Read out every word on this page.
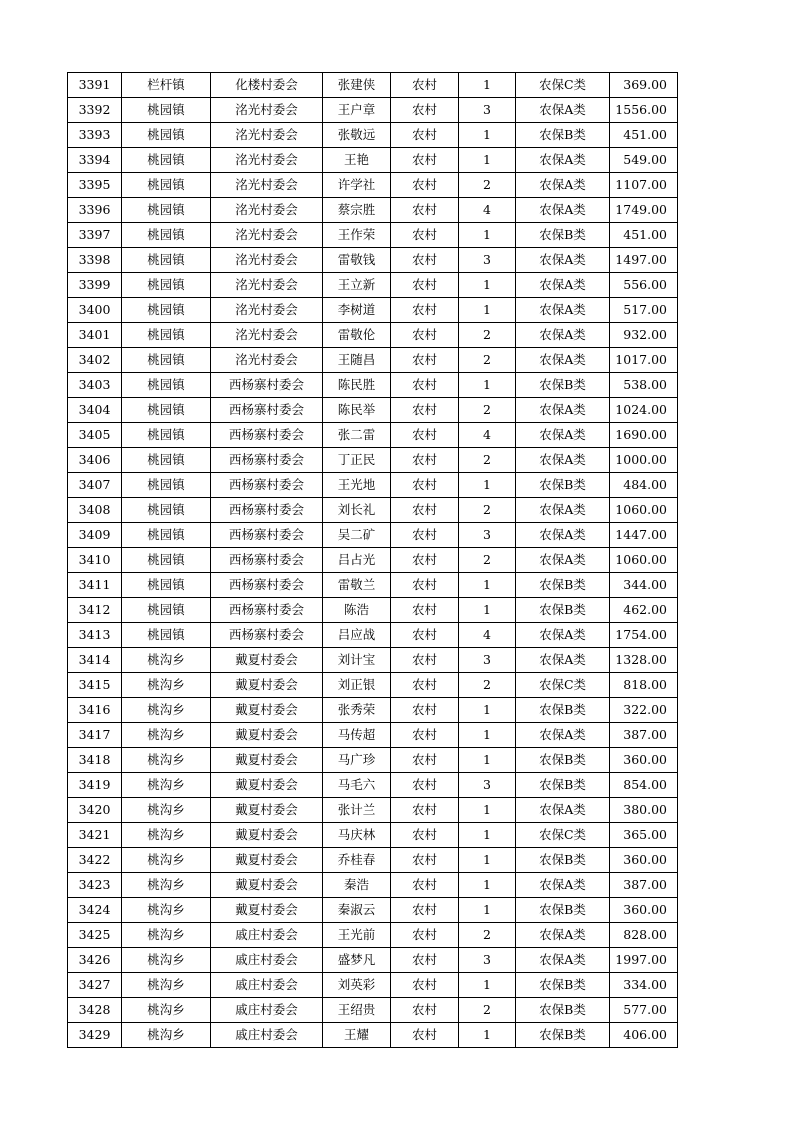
3391	栏杆镇	化楼村委会	张建侠	农村	1	农保C类	369.00
3392	桃园镇	洺光村委会	王户章	农村	3	农保A类	1556.00
3393	桃园镇	洺光村委会	张敬远	农村	1	农保B类	451.00
3394	桃园镇	洺光村委会	王艳	农村	1	农保A类	549.00
3395	桃园镇	洺光村委会	许学社	农村	2	农保A类	1107.00
3396	桃园镇	洺光村委会	蔡宗胜	农村	4	农保A类	1749.00
3397	桃园镇	洺光村委会	王作荣	农村	1	农保B类	451.00
3398	桃园镇	洺光村委会	雷敬钱	农村	3	农保A类	1497.00
3399	桃园镇	洺光村委会	王立新	农村	1	农保A类	556.00
3400	桃园镇	洺光村委会	李树道	农村	1	农保A类	517.00
3401	桃园镇	洺光村委会	雷敬伦	农村	2	农保A类	932.00
3402	桃园镇	洺光村委会	王随昌	农村	2	农保A类	1017.00
3403	桃园镇	西杨寨村委会	陈民胜	农村	1	农保B类	538.00
3404	桃园镇	西杨寨村委会	陈民举	农村	2	农保A类	1024.00
3405	桃园镇	西杨寨村委会	张二雷	农村	4	农保A类	1690.00
3406	桃园镇	西杨寨村委会	丁正民	农村	2	农保A类	1000.00
3407	桃园镇	西杨寨村委会	王光地	农村	1	农保B类	484.00
3408	桃园镇	西杨寨村委会	刘长礼	农村	2	农保A类	1060.00
3409	桃园镇	西杨寨村委会	吴二矿	农村	3	农保A类	1447.00
3410	桃园镇	西杨寨村委会	吕占光	农村	2	农保A类	1060.00
3411	桃园镇	西杨寨村委会	雷敬兰	农村	1	农保B类	344.00
3412	桃园镇	西杨寨村委会	陈浩	农村	1	农保B类	462.00
3413	桃园镇	西杨寨村委会	吕应战	农村	4	农保A类	1754.00
3414	桃沟乡	戴夏村委会	刘计宝	农村	3	农保A类	1328.00
3415	桃沟乡	戴夏村委会	刘正银	农村	2	农保C类	818.00
3416	桃沟乡	戴夏村委会	张秀荣	农村	1	农保B类	322.00
3417	桃沟乡	戴夏村委会	马传超	农村	1	农保A类	387.00
3418	桃沟乡	戴夏村委会	马广珍	农村	1	农保B类	360.00
3419	桃沟乡	戴夏村委会	马毛六	农村	3	农保B类	854.00
3420	桃沟乡	戴夏村委会	张计兰	农村	1	农保A类	380.00
3421	桃沟乡	戴夏村委会	马庆林	农村	1	农保C类	365.00
3422	桃沟乡	戴夏村委会	乔桂春	农村	1	农保B类	360.00
3423	桃沟乡	戴夏村委会	秦浩	农村	1	农保A类	387.00
3424	桃沟乡	戴夏村委会	秦淑云	农村	1	农保B类	360.00
3425	桃沟乡	戚庄村委会	王光前	农村	2	农保A类	828.00
3426	桃沟乡	戚庄村委会	盛梦凡	农村	3	农保A类	1997.00
3427	桃沟乡	戚庄村委会	刘英彩	农村	1	农保B类	334.00
3428	桃沟乡	戚庄村委会	王绍贵	农村	2	农保B类	577.00
3429	桃沟乡	戚庄村委会	王耀	农村	1	农保B类	406.00
